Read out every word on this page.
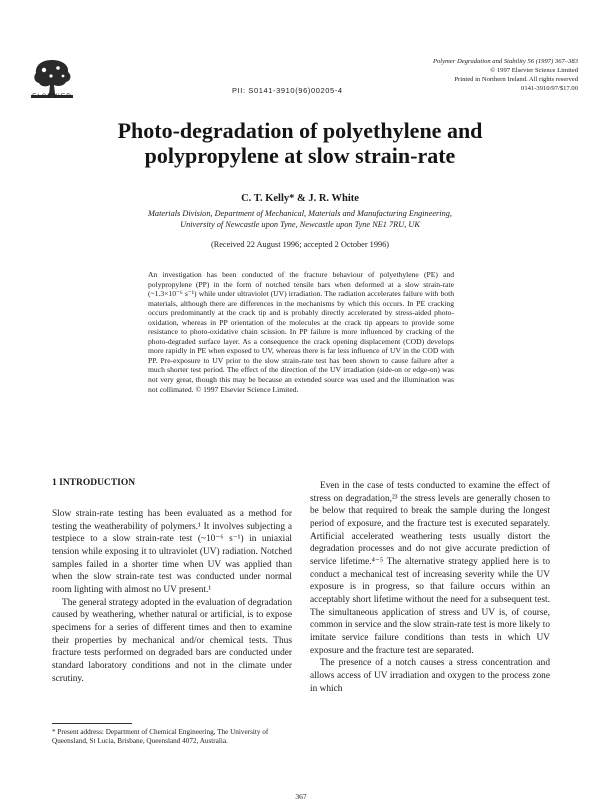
ELSEVIER
PII: S0141-3910(96)00205-4
Polymer Degradation and Stability 56 (1997) 367–383
© 1997 Elsevier Science Limited
Printed in Northern Ireland. All rights reserved
0141-3910/97/$17.00
Photo-degradation of polyethylene and
polypropylene at slow strain-rate
C. T. Kelly* & J. R. White
Materials Division, Department of Mechanical, Materials and Manufacturing Engineering,
University of Newcastle upon Tyne, Newcastle upon Tyne NE1 7RU, UK
(Received 22 August 1996; accepted 2 October 1996)
An investigation has been conducted of the fracture behaviour of polyethylene (PE) and polypropylene (PP) in the form of notched tensile bars when deformed at a slow strain-rate (~1.3×10⁻⁶ s⁻¹) while under ultraviolet (UV) irradiation. The radiation accelerates failure with both materials, although there are differences in the mechanisms by which this occurs. In PE cracking occurs predominantly at the crack tip and is probably directly accelerated by stress-aided photo-oxidation, whereas in PP orientation of the molecules at the crack tip appears to provide some resistance to photo-oxidative chain scission. In PP failure is more influenced by cracking of the photo-degraded surface layer. As a consequence the crack opening displacement (COD) develops more rapidly in PE when exposed to UV, whereas there is far less influence of UV in the COD with PP. Pre-exposure to UV prior to the slow strain-rate test has been shown to cause failure after a much shorter test period. The effect of the direction of the UV irradiation (side-on or edge-on) was not very great, though this may be because an extended source was used and the illumination was not collimated. © 1997 Elsevier Science Limited.
1 INTRODUCTION

Slow strain-rate testing has been evaluated as a method for testing the weatherability of polymers.¹ It involves subjecting a testpiece to a slow strain-rate test (~10⁻⁶ s⁻¹) in uniaxial tension while exposing it to ultraviolet (UV) radiation. Notched samples failed in a shorter time when UV was applied than when the slow strain-rate test was conducted under normal room lighting with almost no UV present.¹

The general strategy adopted in the evaluation of degradation caused by weathering, whether natural or artificial, is to expose specimens for a series of different times and then to examine their properties by mechanical and/or chemical tests. Thus fracture tests performed on degraded bars are conducted under standard laboratory conditions and not in the climate under scrutiny.

Even in the case of tests conducted to examine the effect of stress on degradation,²³ the stress levels are generally chosen to be below that required to break the sample during the longest period of exposure, and the fracture test is executed separately. Artificial accelerated weathering tests usually distort the degradation processes and do not give accurate prediction of service lifetime.⁴⁻⁵ The alternative strategy applied here is to conduct a mechanical test of increasing severity while the UV exposure is in progress, so that failure occurs within an acceptably short lifetime without the need for a subsequent test. The simultaneous application of stress and UV is, of course, common in service and the slow strain-rate test is more likely to imitate service failure conditions than tests in which UV exposure and the fracture test are separated.

The presence of a notch causes a stress concentration and allows access of UV irradiation and oxygen to the process zone in which

* Present address: Department of Chemical Engineering, The University of Queensland, St Lucia, Brisbane, Queensland 4072, Australia.
367
